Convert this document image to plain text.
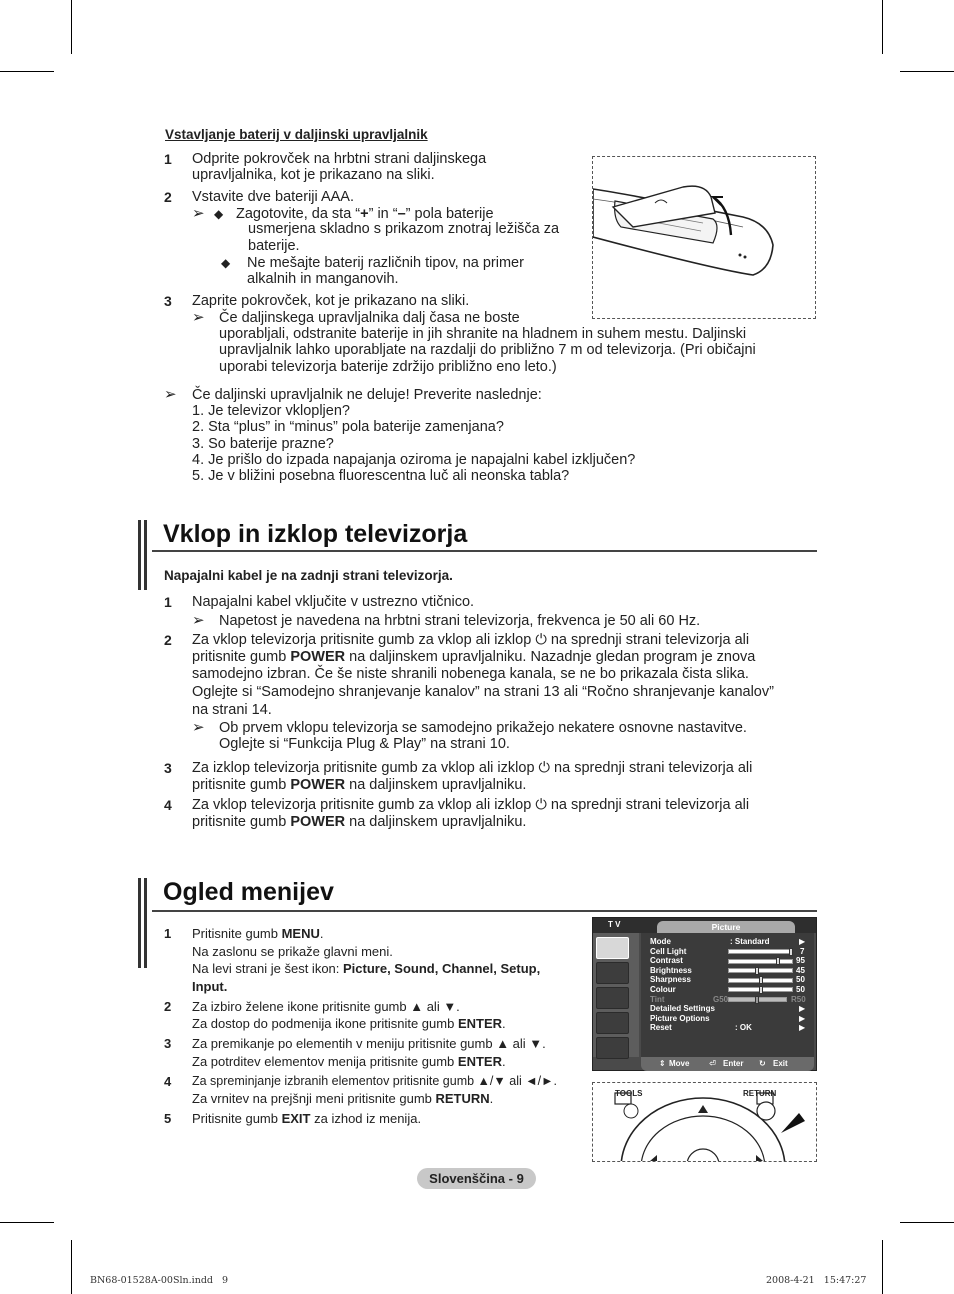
Vstavljanje baterij v daljinski upravljalnik
1 Odprite pokrovček na hrbtni strani daljinskega
upravljalnika, kot je prikazano na sliki.
2 Vstavite dve bateriji AAA.
➢ ◆ Zagotovite, da sta “+” in “–” pola baterije
usmerjena skladno s prikazom znotraj ležišča za
baterije.
◆ Ne mešajte baterij različnih tipov, na primer
alkalnih in manganovih.
3 Zaprite pokrovček, kot je prikazano na sliki.
➢ Če daljinskega upravljalnika dalj časa ne boste
uporabljali, odstranite baterije in jih shranite na hladnem in suhem mestu. Daljinski
upravljalnik lahko uporabljate na razdalji do približno 7 m od televizorja. (Pri običajni
uporabi televizorja baterije zdržijo približno eno leto.)
➢ Če daljinski upravljalnik ne deluje! Preverite naslednje:
1. Je televizor vklopljen?
2. Sta “plus” in “minus” pola baterije zamenjana?
3. So baterije prazne?
4. Je prišlo do izpada napajanja oziroma je napajalni kabel izključen?
5. Je v bližini posebna fluorescentna luč ali neonska tabla?
Vklop in izklop televizorja
Napajalni kabel je na zadnji strani televizorja.
1 Napajalni kabel vključite v ustrezno vtičnico.
➢ Napetost je navedena na hrbtni strani televizorja, frekvenca je 50 ali 60 Hz.
2 Za vklop televizorja pritisnite gumb za vklop ali izklop ⏻ na sprednji strani televizorja ali
pritisnite gumb POWER na daljinskem upravljalniku. Nazadnje gledan program je znova
samodejno izbran. Če še niste shranili nobenega kanala, se ne bo prikazala čista slika.
Oglejte si “Samodejno shranjevanje kanalov” na strani 13 ali “Ročno shranjevanje kanalov”
na strani 14.
➢ Ob prvem vklopu televizorja se samodejno prikažejo nekatere osnovne nastavitve.
Oglejte si “Funkcija Plug & Play” na strani 10.
3 Za izklop televizorja pritisnite gumb za vklop ali izklop ⏻ na sprednji strani televizorja ali
pritisnite gumb POWER na daljinskem upravljalniku.
4 Za vklop televizorja pritisnite gumb za vklop ali izklop ⏻ na sprednji strani televizorja ali
pritisnite gumb POWER na daljinskem upravljalniku.
Ogled menijev
1 Pritisnite gumb MENU.
Na zaslonu se prikaže glavni meni.
Na levi strani je šest ikon: Picture, Sound, Channel, Setup,
Input.
2 Za izbiro želene ikone pritisnite gumb ▲ ali ▼.
Za dostop do podmenija ikone pritisnite gumb ENTER.
3 Za premikanje po elementih v meniju pritisnite gumb ▲ ali ▼.
Za potrditev elementov menija pritisnite gumb ENTER.
4 Za spreminjanje izbranih elementov pritisnite gumb ▲/▼ ali ◄/►.
Za vrnitev na prejšnji meni pritisnite gumb RETURN.
5 Pritisnite gumb EXIT za izhod iz menija.
T V	Picture
Mode	: Standard	▶
Cell Light	7
Contrast	95
Brightness	45
Sharpness	50
Colour	50
Tint	G50	R50
Detailed Settings	▶
Picture Options	▶
Reset	: OK	▶
⇕ Move ⏎ Enter ↻ Exit
TOOLS	RETURN
Slovenščina - 9
BN68-01528A-00Sln.indd   9	2008-4-21   15:47:27
